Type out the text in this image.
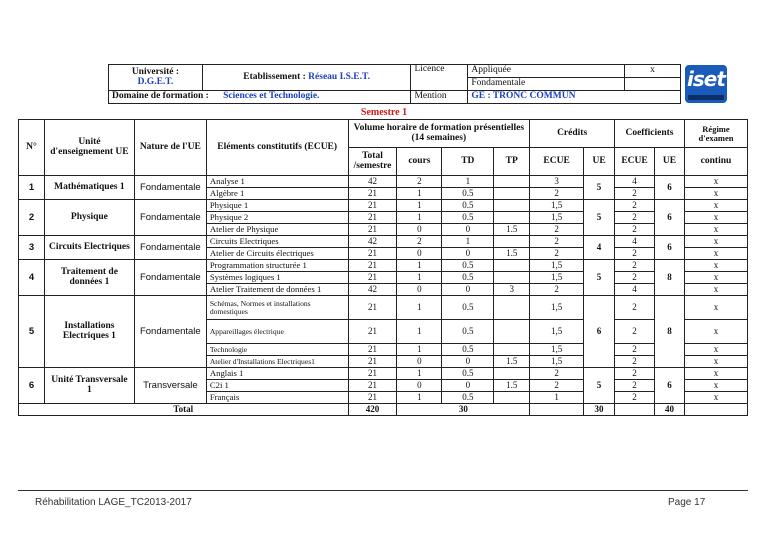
Université :
D.G.E.T.	Etablissement : Réseau I.S.E.T.	Licence	Appliquée	x
			Fondamentale	
Domaine de formation : Sciences et Technologie.		Mention	GE : TRONC COMMUN	
iset
Semestre 1
N°	Unité d'enseignement UE	Nature de l'UE	Eléments constitutifs (ECUE)	Volume horaire de formation présentielles (14 semaines)				Crédits		Coefficients		Régime d'examen
				Total /semestre	cours	TD	TP	ECUE	UE	ECUE	UE	continu
1	Mathématiques 1	Fondamentale	Analyse 1	42	2	1		3	5	4	6	x
			Algèbre 1	21	1	0.5		2		2		x
2	Physique	Fondamentale	Physique 1	21	1	0.5		1,5	5	2	6	x
			Physique 2	21	1	0.5		1,5		2		x
			Atelier de Physique	21	0	0	1.5	2		2		x
3	Circuits Electriques	Fondamentale	Circuits Electriques	42	2	1		2	4	4	6	x
			Atelier de Circuits électriques	21	0	0	1.5	2		2		x
4	Traitement de données 1	Fondamentale	Programmation structurée 1	21	1	0.5		1,5	5	2	8	x
			Systèmes logiques 1	21	1	0.5		1,5		2		x
			Atelier Traitement de données 1	42	0	0	3	2		4		x
5	Installations Electriques 1	Fondamentale	Schémas, Normes et installations domestiques	21	1	0.5		1,5	6	2	8	x
			Appareillages électrique	21	1	0.5		1,5		2		x
			Technologie	21	1	0.5		1,5		2		x
			Atelier d'Installations Electriques1	21	0	0	1.5	1,5		2		x
6	Unité Transversale 1	Transversale	Anglais 1	21	1	0.5		2	5	2	6	x
			C2i 1	21	0	0	1.5	2		2		x
			Français	21	1	0.5		1		2		x
Total				420	30				30		40	
Réhabilitation LAGE_TC2013-2017	Page 17
